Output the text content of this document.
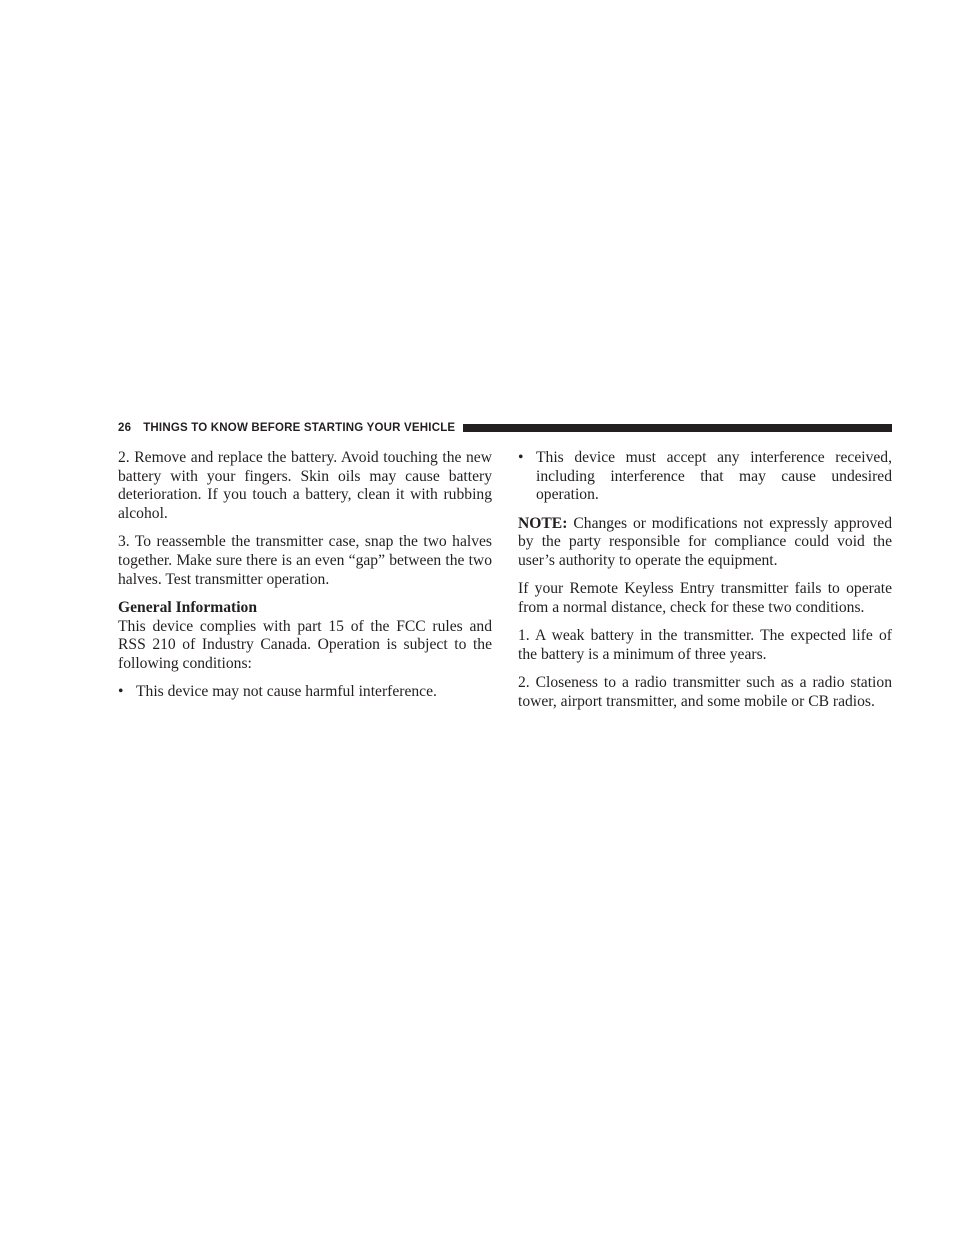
26 THINGS TO KNOW BEFORE STARTING YOUR VEHICLE

2. Remove and replace the battery. Avoid touching the new battery with your fingers. Skin oils may cause battery deterioration. If you touch a battery, clean it with rubbing alcohol.

3. To reassemble the transmitter case, snap the two halves together. Make sure there is an even “gap” between the two halves. Test transmitter operation.

General Information

This device complies with part 15 of the FCC rules and RSS 210 of Industry Canada. Operation is subject to the following conditions:

• This device may not cause harmful interference.
• This device must accept any interference received, including interference that may cause undesired operation.

NOTE: Changes or modifications not expressly approved by the party responsible for compliance could void the user’s authority to operate the equipment.

If your Remote Keyless Entry transmitter fails to operate from a normal distance, check for these two conditions.

1. A weak battery in the transmitter. The expected life of the battery is a minimum of three years.

2. Closeness to a radio transmitter such as a radio station tower, airport transmitter, and some mobile or CB radios.
